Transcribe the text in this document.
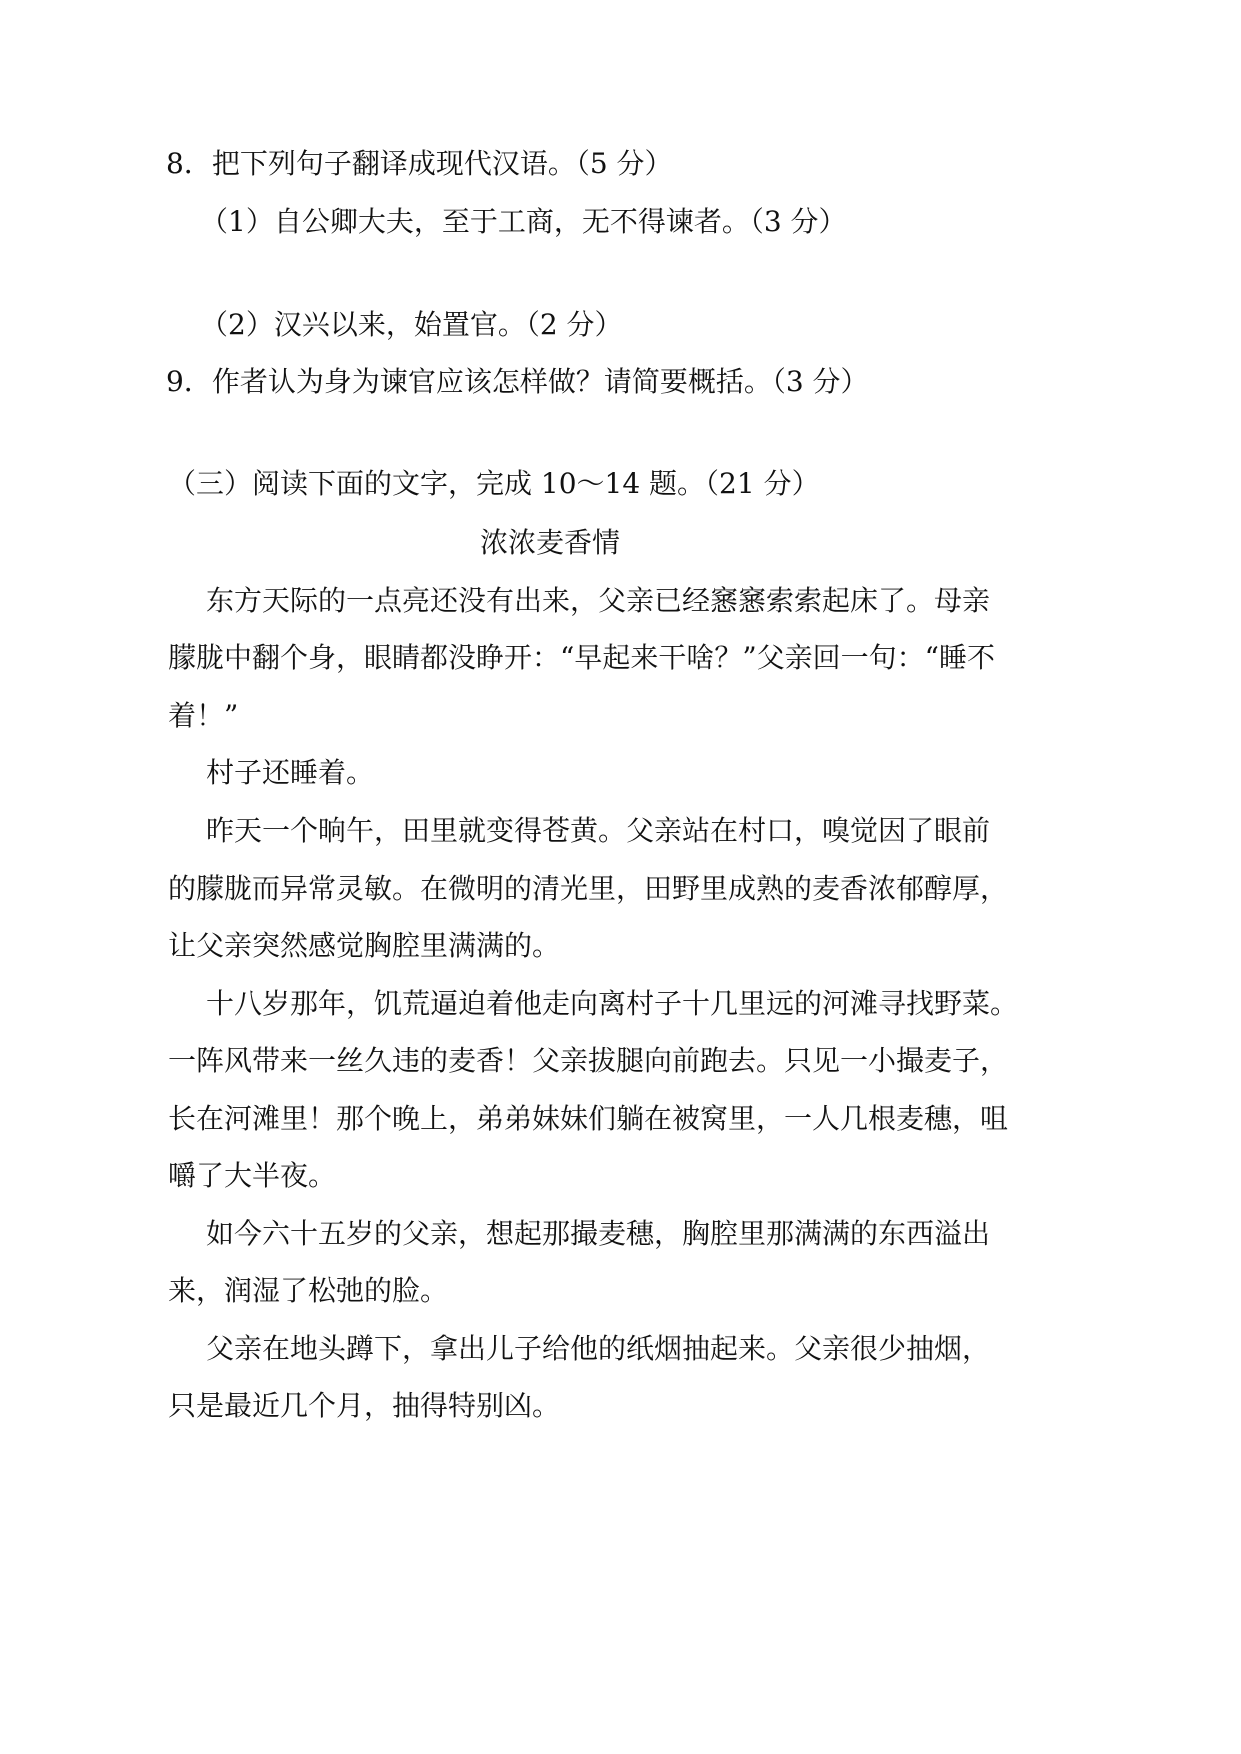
8．把下列句子翻译成现代汉语。（5 分）
（1）自公卿大夫，至于工商，无不得谏者。（3 分）
（2）汉兴以来，始置官。（2 分）
9．作者认为身为谏官应该怎样做？请简要概括。（3 分）
（三）阅读下面的文字，完成 10～14 题。（21 分）
浓浓麦香情
东方天际的一点亮还没有出来，父亲已经窸窸索索起床了。母亲
朦胧中翻个身，眼睛都没睁开：“早起来干啥？”父亲回一句：“睡不
着！”
村子还睡着。
昨天一个晌午，田里就变得苍黄。父亲站在村口，嗅觉因了眼前
的朦胧而异常灵敏。在微明的清光里，田野里成熟的麦香浓郁醇厚，
让父亲突然感觉胸腔里满满的。
十八岁那年，饥荒逼迫着他走向离村子十几里远的河滩寻找野菜。
一阵风带来一丝久违的麦香！父亲拔腿向前跑去。只见一小撮麦子，
长在河滩里！那个晚上，弟弟妹妹们躺在被窝里，一人几根麦穗，咀
嚼了大半夜。
如今六十五岁的父亲，想起那撮麦穗，胸腔里那满满的东西溢出
来，润湿了松弛的脸。
父亲在地头蹲下，拿出儿子给他的纸烟抽起来。父亲很少抽烟，
只是最近几个月，抽得特别凶。
